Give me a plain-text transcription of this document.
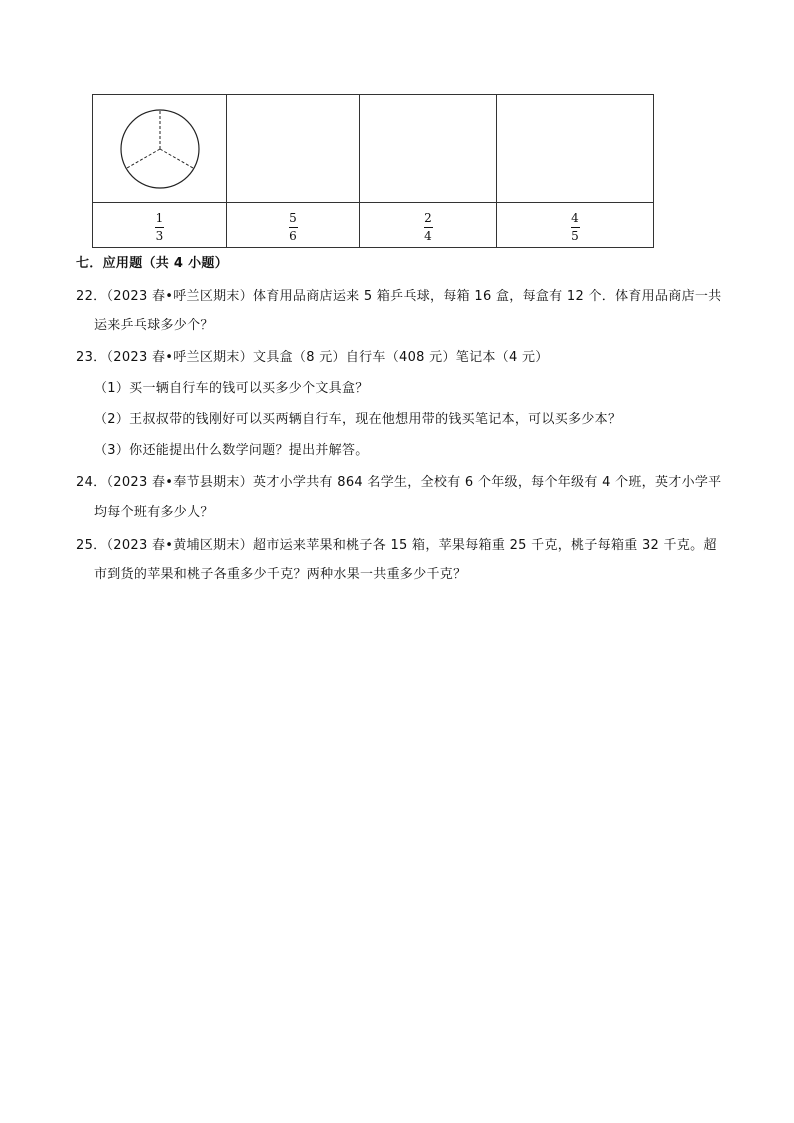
$\frac{1}{3}$	$\frac{5}{6}$	$\frac{2}{4}$	$\frac{4}{5}$
七．应用题（共 4 小题）
22．（2023 春•呼兰区期末）体育用品商店运来 5 箱乒乓球，每箱 16 盒，每盒有 12 个．体育用品商店一共
运来乒乓球多少个？
23．（2023 春•呼兰区期末）文具盒（8 元）自行车（408 元）笔记本（4 元）
（1）买一辆自行车的钱可以买多少个文具盒？
（2）王叔叔带的钱刚好可以买两辆自行车，现在他想用带的钱买笔记本，可以买多少本？
（3）你还能提出什么数学问题？提出并解答。
24．（2023 春•奉节县期末）英才小学共有 864 名学生，全校有 6 个年级，每个年级有 4 个班，英才小学平
均每个班有多少人？
25．（2023 春•黄埔区期末）超市运来苹果和桃子各 15 箱，苹果每箱重 25 千克，桃子每箱重 32 千克。超
市到货的苹果和桃子各重多少千克？两种水果一共重多少千克？
